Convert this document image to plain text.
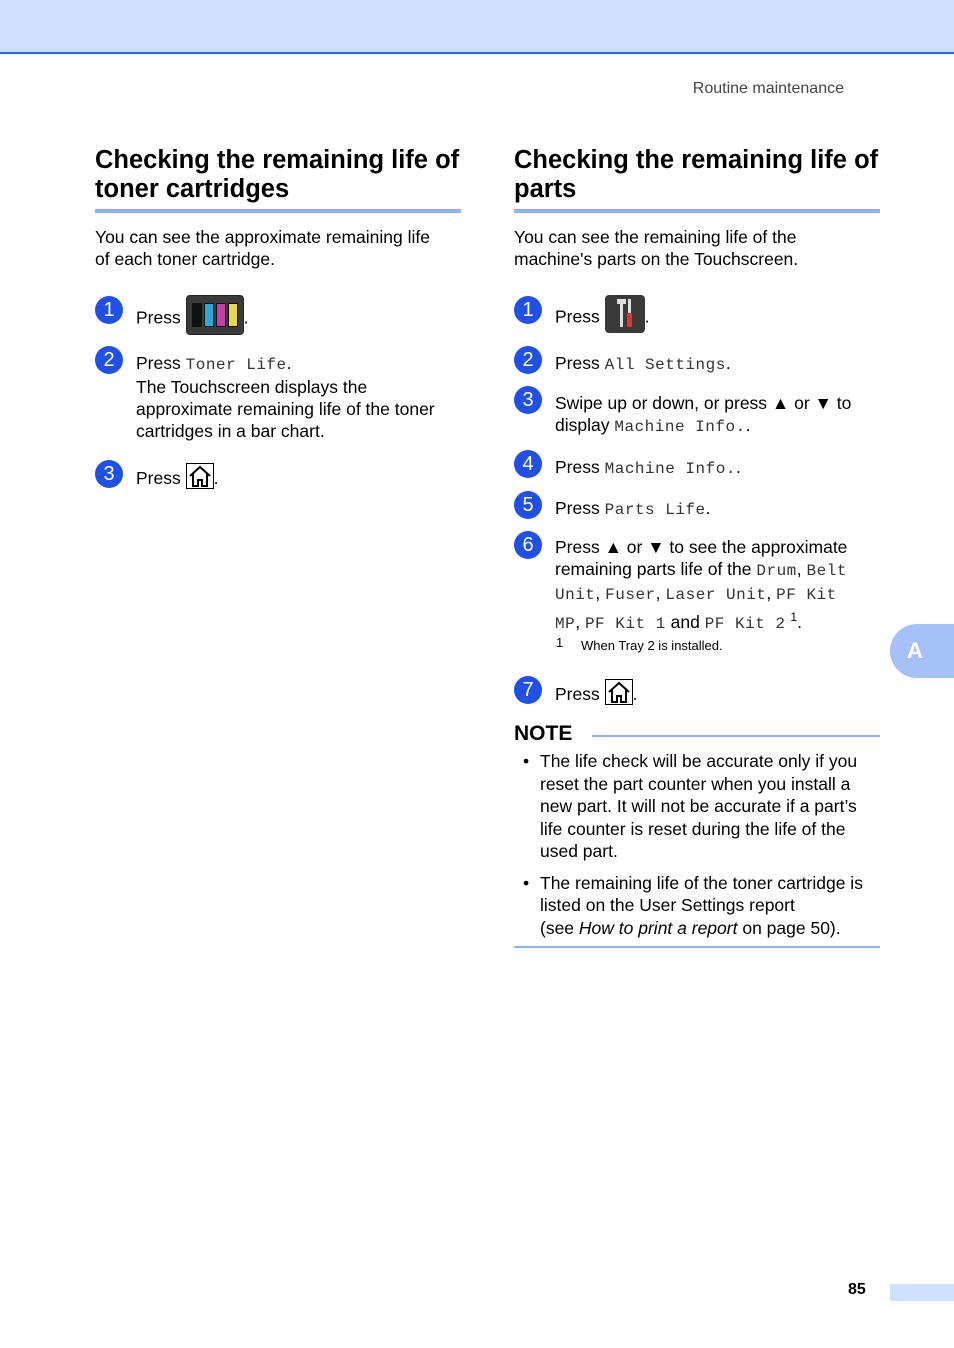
Routine maintenance
Checking the remaining life of
toner cartridges
You can see the approximate remaining life
of each toner cartridge.
1	Press	.
2	Press Toner Life.
The Touchscreen displays the
approximate remaining life of the toner
cartridges in a bar chart.
3	Press .
Checking the remaining life of
parts
You can see the remaining life of the
machine's parts on the Touchscreen.
1	Press	.
2	Press All Settings.
3	Swipe up or down, or press ▲ or ▼ to
display Machine Info..
4	Press Machine Info..
5	Press Parts Life.
6	Press ▲ or ▼ to see the approximate
remaining parts life of the Drum, Belt
Unit, Fuser, Laser Unit, PF Kit
MP, PF Kit 1 and PF Kit 2 $^1$.
1 When Tray 2 is installed.
7	Press .
NOTE
• The life check will be accurate only if you
reset the part counter when you install a
new part. It will not be accurate if a part’s
life counter is reset during the life of the
used part.
• The remaining life of the toner cartridge is
listed on the User Settings report
(see How to print a report on page 50).
A
85
